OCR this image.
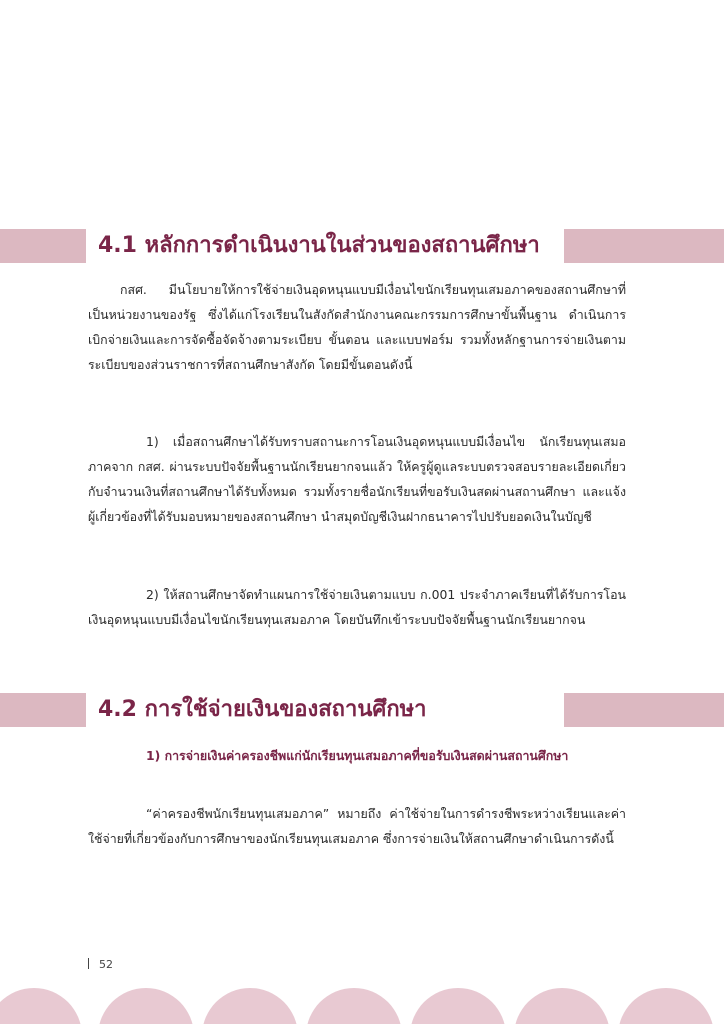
4.1 หลักการดำเนินงานในส่วนของสถานศึกษา

กสศ. มีนโยบายให้การใช้จ่ายเงินอุดหนุนแบบมีเงื่อนไขนักเรียนทุนเสมอภาคของสถานศึกษาที่เป็นหน่วยงานของรัฐ ซึ่งได้แก่โรงเรียนในสังกัดสำนักงานคณะกรรมการศึกษาขั้นพื้นฐาน ดำเนินการเบิกจ่ายเงินและการจัดซื้อจัดจ้างตามระเบียบ ขั้นตอน และแบบฟอร์ม รวมทั้งหลักฐานการจ่ายเงินตามระเบียบของส่วนราชการที่สถานศึกษาสังกัด โดยมีขั้นตอนดังนี้

1) เมื่อสถานศึกษาได้รับทราบสถานะการโอนเงินอุดหนุนแบบมีเงื่อนไข นักเรียนทุนเสมอภาคจาก กสศ. ผ่านระบบปัจจัยพื้นฐานนักเรียนยากจนแล้ว ให้ครูผู้ดูแลระบบตรวจสอบรายละเอียดเกี่ยวกับจำนวนเงินที่สถานศึกษาได้รับทั้งหมด รวมทั้งรายชื่อนักเรียนที่ขอรับเงินสดผ่านสถานศึกษา และแจ้งผู้เกี่ยวข้องที่ได้รับมอบหมายของสถานศึกษา นำสมุดบัญชีเงินฝากธนาคารไปปรับยอดเงินในบัญชี

2) ให้สถานศึกษาจัดทำแผนการใช้จ่ายเงินตามแบบ ก.001 ประจำภาคเรียนที่ได้รับการโอนเงินอุดหนุนแบบมีเงื่อนไขนักเรียนทุนเสมอภาค โดยบันทึกเข้าระบบปัจจัยพื้นฐานนักเรียนยากจน

4.2 การใช้จ่ายเงินของสถานศึกษา

1) การจ่ายเงินค่าครองชีพแก่นักเรียนทุนเสมอภาคที่ขอรับเงินสดผ่านสถานศึกษา

“ค่าครองชีพนักเรียนทุนเสมอภาค” หมายถึง ค่าใช้จ่ายในการดำรงชีพระหว่างเรียนและค่าใช้จ่ายที่เกี่ยวข้องกับการศึกษาของนักเรียนทุนเสมอภาค ซึ่งการจ่ายเงินให้สถานศึกษาดำเนินการดังนี้

52
